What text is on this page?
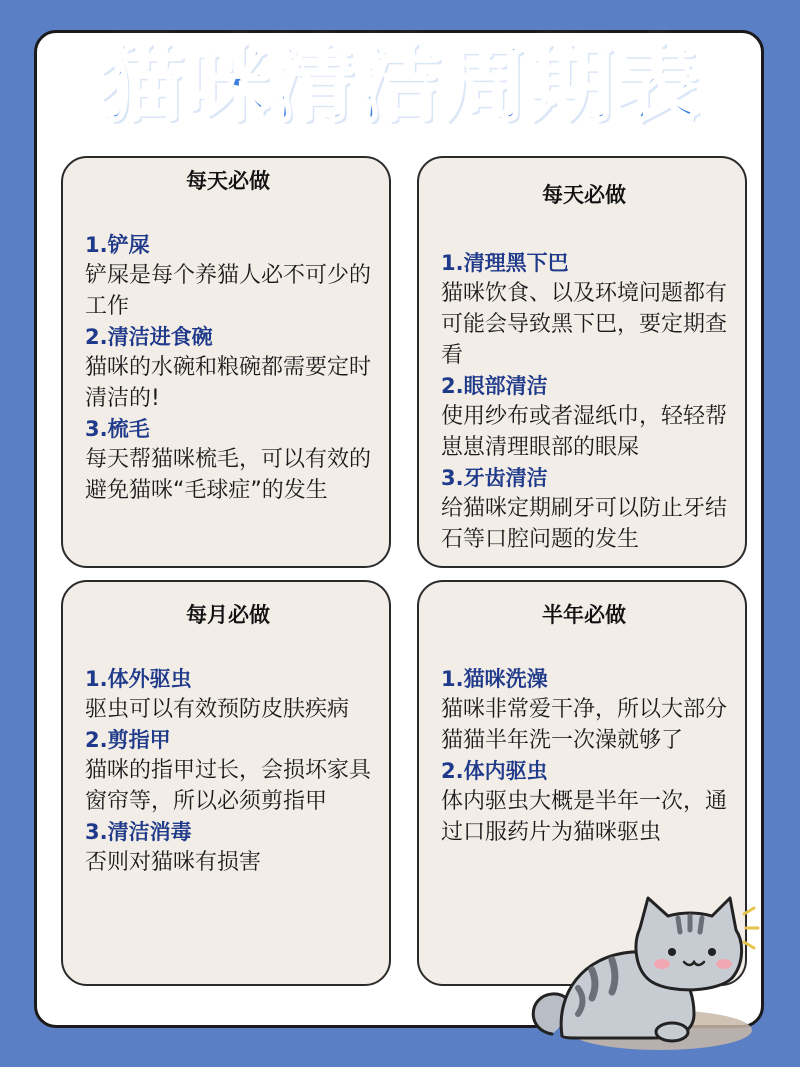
猫咪清洁周期表
每天必做
1.铲屎
铲屎是每个养猫人必不可少的工作
2.清洁进食碗
猫咪的水碗和粮碗都需要定时清洁的!
3.梳毛
每天帮猫咪梳毛，可以有效的避免猫咪“毛球症”的发生
每天必做
1.清理黑下巴
猫咪饮食、以及环境问题都有可能会导致黑下巴，要定期查看
2.眼部清洁
使用纱布或者湿纸巾，轻轻帮崽崽清理眼部的眼屎
3.牙齿清洁
给猫咪定期刷牙可以防止牙结石等口腔问题的发生
每月必做
1.体外驱虫
驱虫可以有效预防皮肤疾病
2.剪指甲
猫咪的指甲过长，会损坏家具窗帘等，所以必须剪指甲
3.清洁消毒
否则对猫咪有损害
半年必做
1.猫咪洗澡
猫咪非常爱干净，所以大部分猫猫半年洗一次澡就够了
2.体内驱虫
体内驱虫大概是半年一次，通过口服药片为猫咪驱虫
